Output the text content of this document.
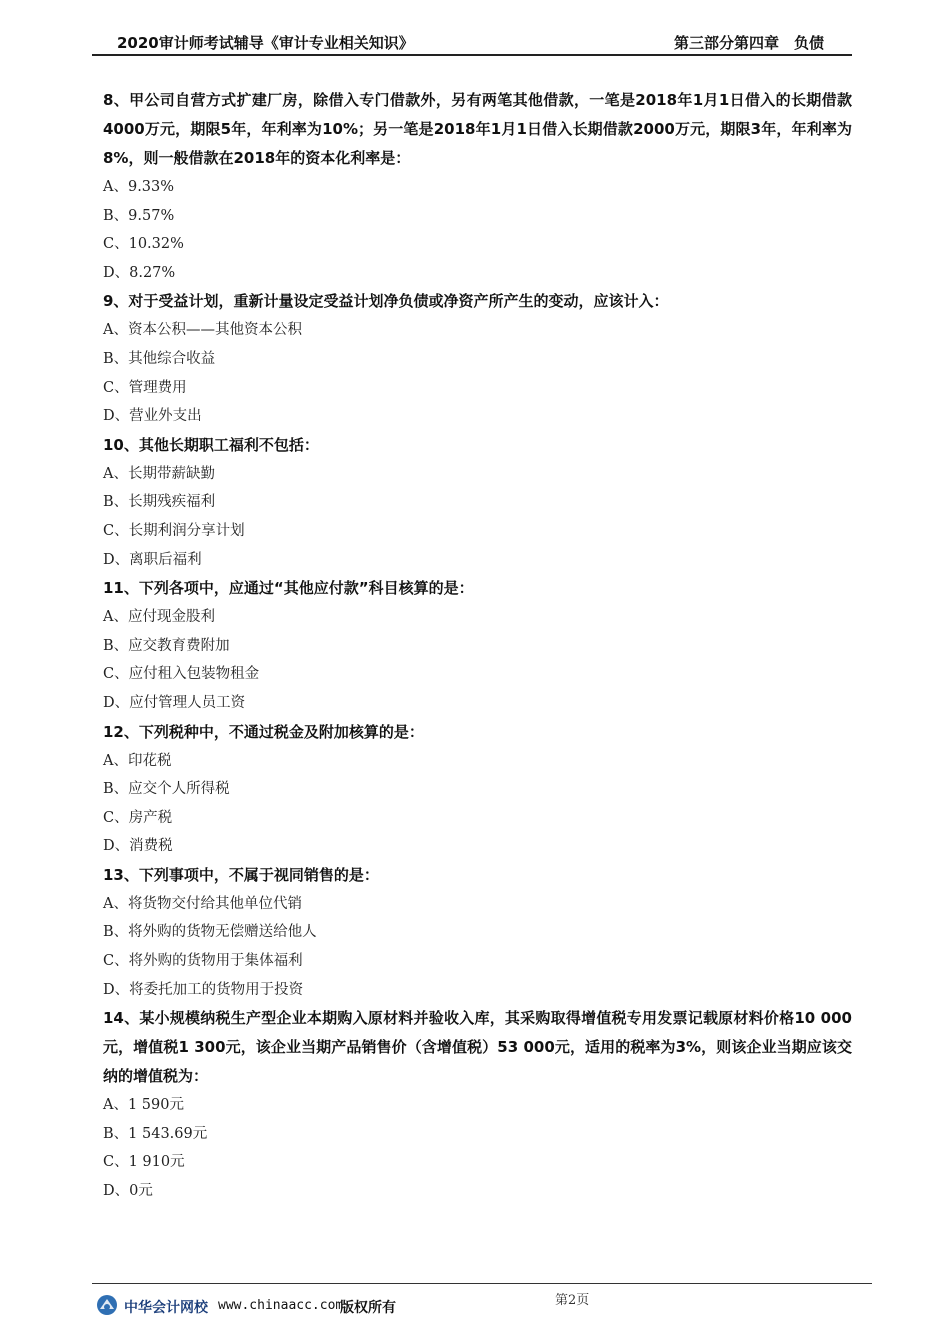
2020审计师考试辅导《审计专业相关知识》	第三部分第四章　负债
8、甲公司自营方式扩建厂房，除借入专门借款外，另有两笔其他借款，一笔是2018年1月1日借入的长期借款4000万元，期限5年，年利率为10%；另一笔是2018年1月1日借入长期借款2000万元，期限3年，年利率为8%，则一般借款在2018年的资本化利率是：
A、9.33%
B、9.57%
C、10.32%
D、8.27%
9、对于受益计划，重新计量设定受益计划净负债或净资产所产生的变动，应该计入：
A、资本公积——其他资本公积
B、其他综合收益
C、管理费用
D、营业外支出
10、其他长期职工福利不包括：
A、长期带薪缺勤
B、长期残疾福利
C、长期利润分享计划
D、离职后福利
11、下列各项中，应通过“其他应付款”科目核算的是：
A、应付现金股利
B、应交教育费附加
C、应付租入包装物租金
D、应付管理人员工资
12、下列税种中，不通过税金及附加核算的是：
A、印花税
B、应交个人所得税
C、房产税
D、消费税
13、下列事项中，不属于视同销售的是：
A、将货物交付给其他单位代销
B、将外购的货物无偿赠送给他人
C、将外购的货物用于集体福利
D、将委托加工的货物用于投资
14、某小规模纳税生产型企业本期购入原材料并验收入库，其采购取得增值税专用发票记载原材料价格10 000元，增值税1 300元，该企业当期产品销售价（含增值税）53 000元，适用的税率为3%，则该企业当期应该交纳的增值税为：
A、1 590元
B、1 543.69元
C、1 910元
D、0元
第2页
中华会计网校 www.chinaacc.com
版权所有
